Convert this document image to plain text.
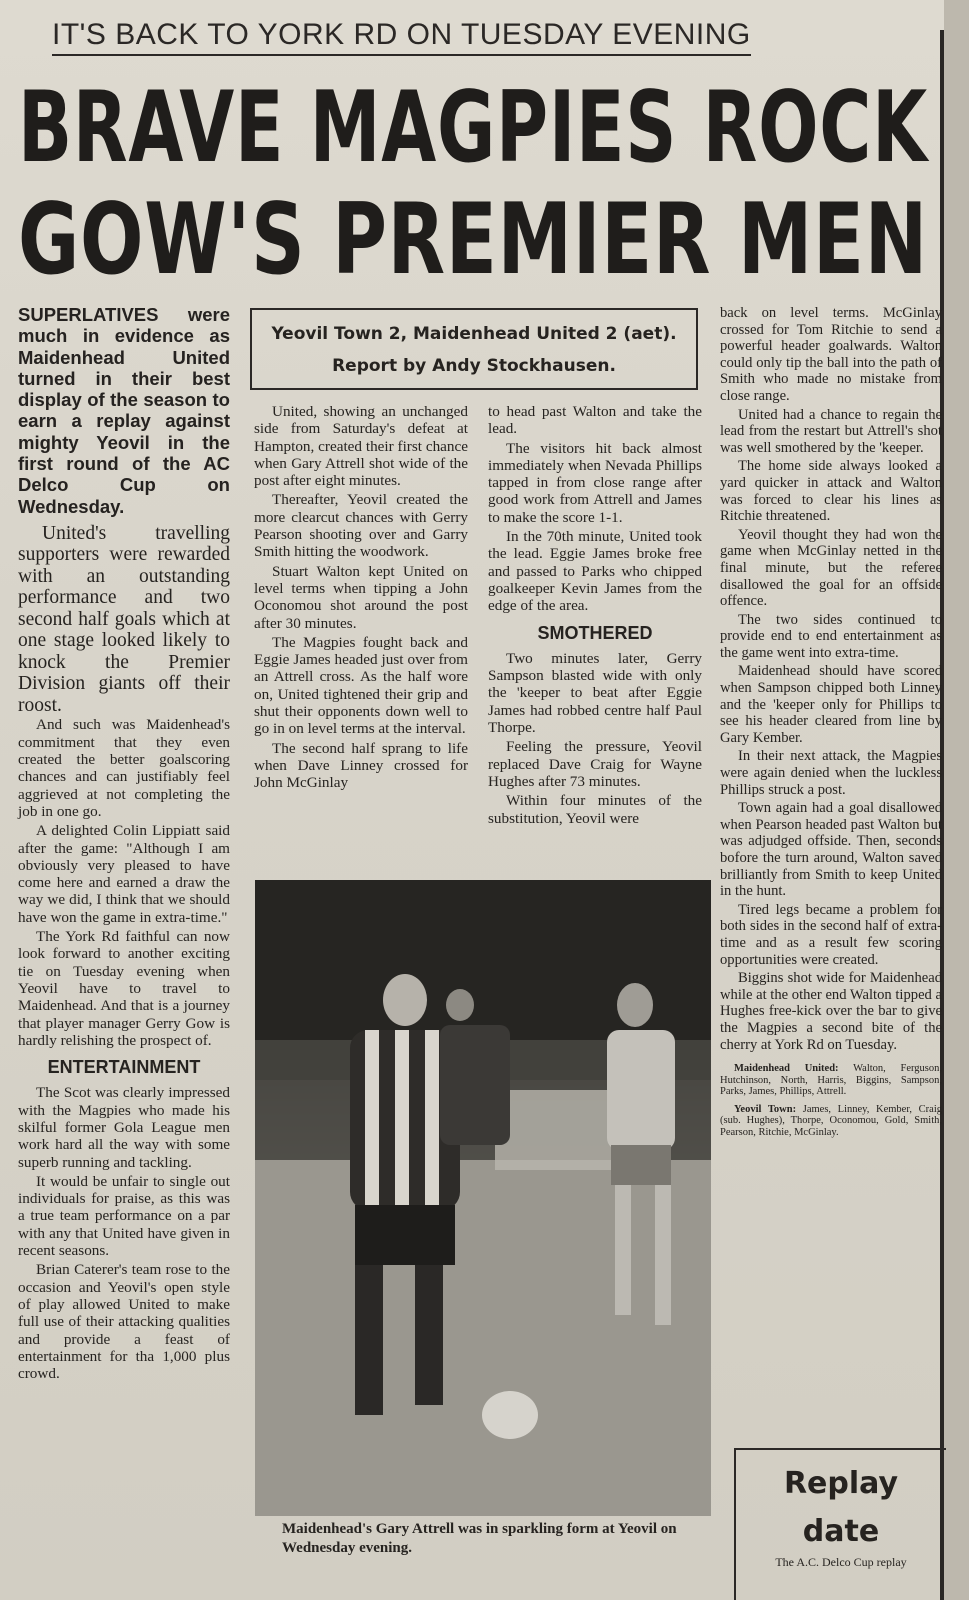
IT'S BACK TO YORK RD ON TUESDAY EVENING
BRAVE MAGPIES ROCK
GOW'S PREMIER MEN
SUPERLATIVES were much in evidence as Maidenhead United turned in their best display of the season to earn a replay against mighty Yeovil in the first round of the AC Delco Cup on Wednesday.
United's travelling supporters were rewarded with an outstanding performance and two second half goals which at one stage looked likely to knock the Premier Division giants off their roost.

And such was Maidenhead's commitment that they even created the better goalscoring chances and can justifiably feel aggrieved at not completing the job in one go.

A delighted Colin Lippiatt said after the game: "Although I am obviously very pleased to have come here and earned a draw the way we did, I think that we should have won the game in extra-time."

The York Rd faithful can now look forward to another exciting tie on Tuesday evening when Yeovil have to travel to Maidenhead. And that is a journey that player manager Gerry Gow is hardly relishing the prospect of.

ENTERTAINMENT

The Scot was clearly impressed with the Magpies who made his skilful former Gola League men work hard all the way with some superb running and tackling.

It would be unfair to single out individuals for praise, as this was a true team performance on a par with any that United have given in recent seasons.

Brian Caterer's team rose to the occasion and Yeovil's open style of play allowed United to make full use of their attacking qualities and provide a feast of entertainment for tha 1,000 plus crowd.

Yeovil Town 2, Maidenhead United 2 (aet).
Report by Andy Stockhausen.

United, showing an unchanged side from Saturday's defeat at Hampton, created their first chance when Gary Attrell shot wide of the post after eight minutes.

Thereafter, Yeovil created the more clearcut chances with Gerry Pearson shooting over and Garry Smith hitting the woodwork.

Stuart Walton kept United on level terms when tipping a John Oconomou shot around the post after 30 minutes.

The Magpies fought back and Eggie James headed just over from an Attrell cross. As the half wore on, United tightened their grip and shut their opponents down well to go in on level terms at the interval.

The second half sprang to life when Dave Linney crossed for John McGinlay

to head past Walton and take the lead.

The visitors hit back almost immediately when Nevada Phillips tapped in from close range after good work from Attrell and James to make the score 1-1.

In the 70th minute, United took the lead. Eggie James broke free and passed to Parks who chipped goalkeeper Kevin James from the edge of the area.

SMOTHERED

Two minutes later, Gerry Sampson blasted wide with only the 'keeper to beat after Eggie James had robbed centre half Paul Thorpe.

Feeling the pressure, Yeovil replaced Dave Craig for Wayne Hughes after 73 minutes.

Within four minutes of the substitution, Yeovil were

Maidenhead's Gary Attrell was in sparkling form at Yeovil on Wednesday evening.

back on level terms. McGinlay crossed for Tom Ritchie to send a powerful header goalwards. Walton could only tip the ball into the path of Smith who made no mistake from close range.

United had a chance to regain the lead from the restart but Attrell's shot was well smothered by the 'keeper.

The home side always looked a yard quicker in attack and Walton was forced to clear his lines as Ritchie threatened.

Yeovil thought they had won the game when McGinlay netted in the final minute, but the referee disallowed the goal for an offside offence.

The two sides continued to provide end to end entertainment as the game went into extra-time.

Maidenhead should have scored when Sampson chipped both Linney and the 'keeper only for Phillips to see his header cleared from line by Gary Kember.

In their next attack, the Magpies were again denied when the luckless Phillips struck a post.

Town again had a goal disallowed when Pearson headed past Walton but was adjudged offside. Then, seconds bofore the turn around, Walton saved brilliantly from Smith to keep United in the hunt.

Tired legs became a problem for both sides in the second half of extra-time and as a result few scoring opportunities were created.

Biggins shot wide for Maidenhead while at the other end Walton tipped a Hughes free-kick over the bar to give the Magpies a second bite of the cherry at York Rd on Tuesday.

Maidenhead United: Walton, Ferguson, Hutchinson, North, Harris, Biggins, Sampson, Parks, James, Phillips, Attrell.

Yeovil Town: James, Linney, Kember, Craig (sub. Hughes), Thorpe, Oconomou, Gold, Smith, Pearson, Ritchie, McGinlay.

Replay
date
The A.C. Delco Cup replay
